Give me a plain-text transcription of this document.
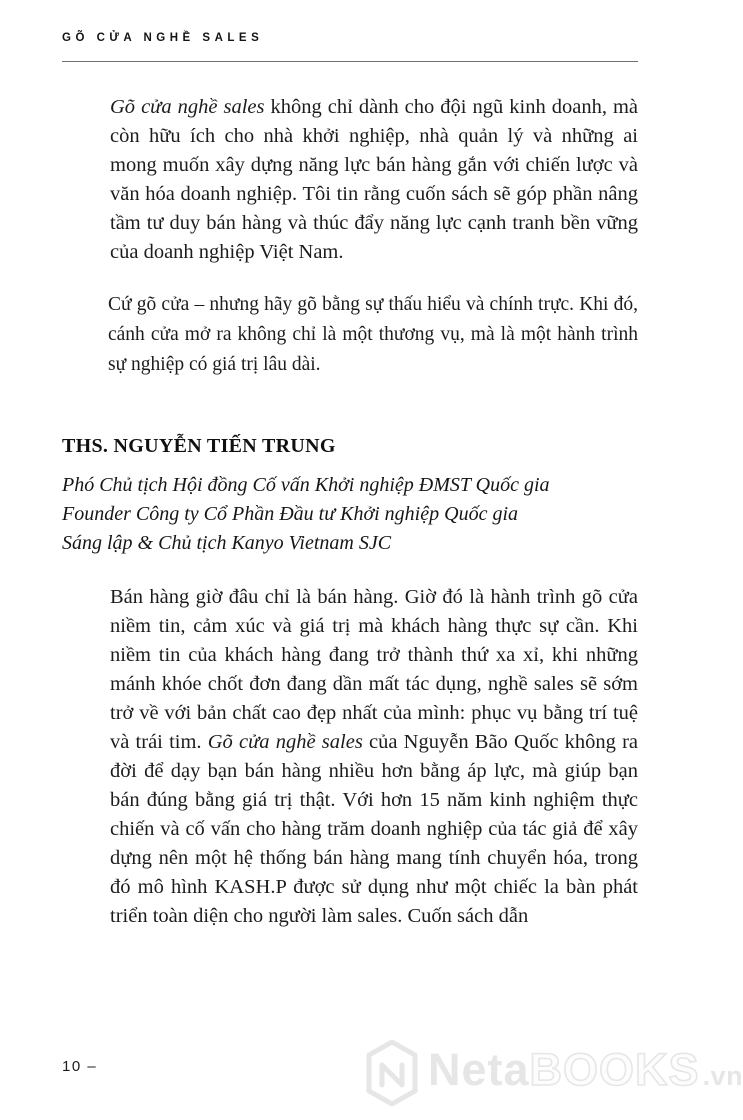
GÕ CỬA NGHỀ SALES

Gõ cửa nghề sales không chỉ dành cho đội ngũ kinh doanh, mà còn hữu ích cho nhà khởi nghiệp, nhà quản lý và những ai mong muốn xây dựng năng lực bán hàng gắn với chiến lược và văn hóa doanh nghiệp. Tôi tin rằng cuốn sách sẽ góp phần nâng tầm tư duy bán hàng và thúc đẩy năng lực cạnh tranh bền vững của doanh nghiệp Việt Nam.

Cứ gõ cửa – nhưng hãy gõ bằng sự thấu hiểu và chính trực. Khi đó, cánh cửa mở ra không chỉ là một thương vụ, mà là một hành trình sự nghiệp có giá trị lâu dài.

THS. NGUYỄN TIẾN TRUNG

Phó Chủ tịch Hội đồng Cố vấn Khởi nghiệp ĐMST Quốc gia

Founder Công ty Cổ Phần Đầu tư Khởi nghiệp Quốc gia

Sáng lập & Chủ tịch Kanyo Vietnam SJC

Bán hàng giờ đâu chỉ là bán hàng. Giờ đó là hành trình gõ cửa niềm tin, cảm xúc và giá trị mà khách hàng thực sự cần. Khi niềm tin của khách hàng đang trở thành thứ xa xỉ, khi những mánh khóe chốt đơn đang dần mất tác dụng, nghề sales sẽ sớm trở về với bản chất cao đẹp nhất của mình: phục vụ bằng trí tuệ và trái tim. Gõ cửa nghề sales của Nguyễn Bão Quốc không ra đời để dạy bạn bán hàng nhiều hơn bằng áp lực, mà giúp bạn bán đúng bằng giá trị thật. Với hơn 15 năm kinh nghiệm thực chiến và cố vấn cho hàng trăm doanh nghiệp của tác giả để xây dựng nên một hệ thống bán hàng mang tính chuyển hóa, trong đó mô hình KASH.P được sử dụng như một chiếc la bàn phát triển toàn diện cho người làm sales. Cuốn sách dẫn

10 –	NetaBOOKS .vn
